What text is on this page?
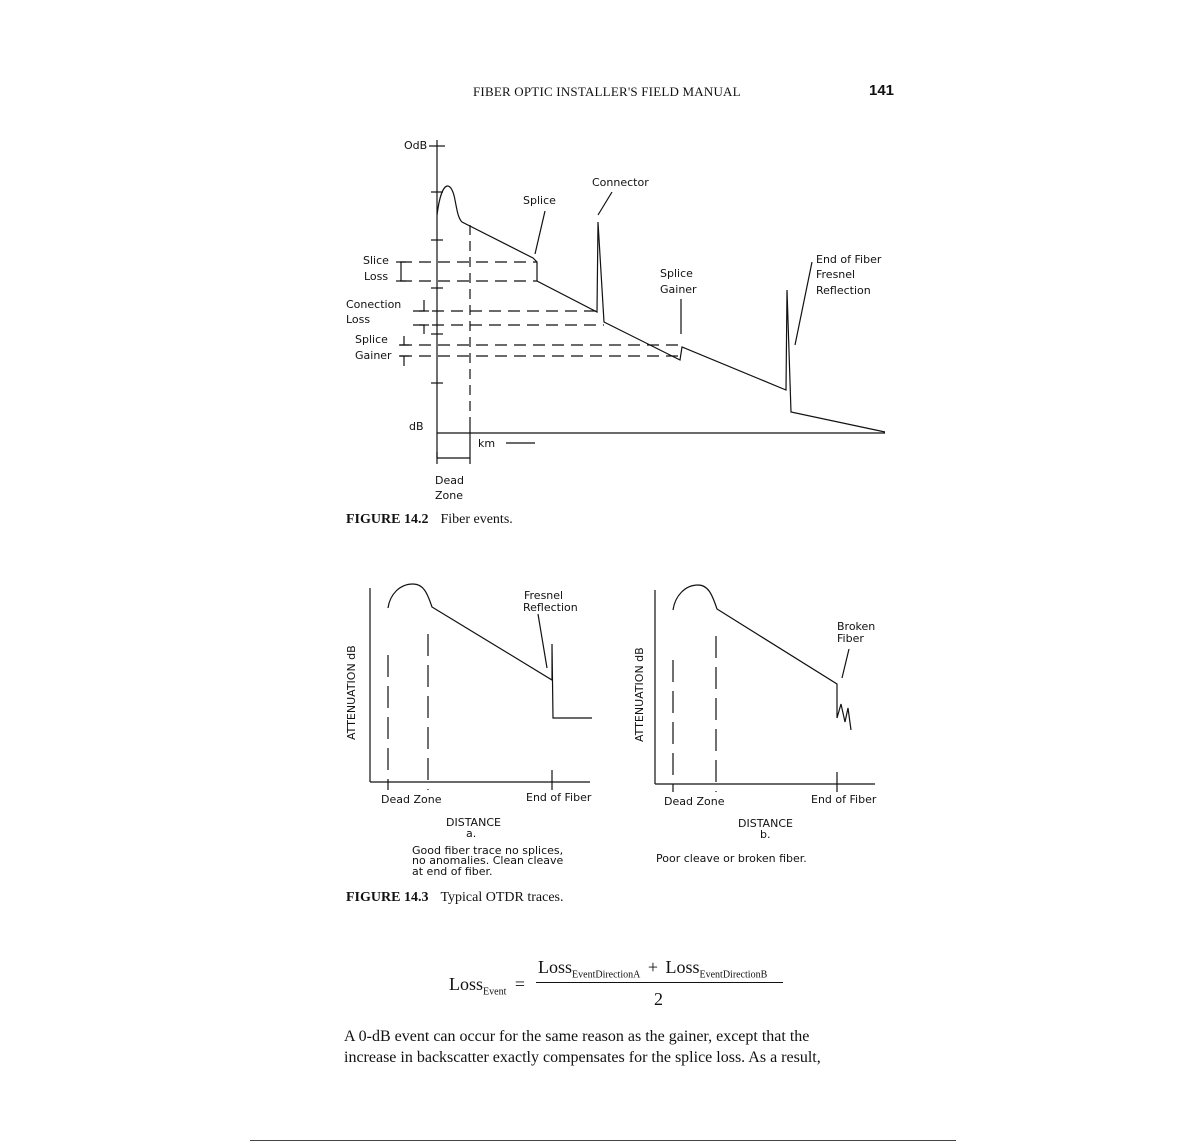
FIBER OPTIC INSTALLER'S FIELD MANUAL	141
OdB
Splice
Connector
Slice
Loss	Splice
Gainer
End of Fiber
Fresnel
Reflection
Conection
Loss
Splice
Gainer
dB
km
Dead
Zone
FIGURE 14.2 Fiber events.
ATTENUATION dB
Fresnel
Reflection
Dead Zone	End of Fiber
DISTANCE
a.
Good fiber trace no splices,
no anomalies. Clean cleave
at end of fiber.
ATTENUATION dB
Broken
Fiber
Dead Zone	End of Fiber
DISTANCE
b.
Poor cleave or broken fiber.
FIGURE 14.3 Typical OTDR traces.
Loss$_{Event}$ =
Loss$_{EventDirectionA}$ + Loss$_{EventDirectionB}$
2
A 0-dB event can occur for the same reason as the gainer, except that the
increase in backscatter exactly compensates for the splice loss. As a result,
